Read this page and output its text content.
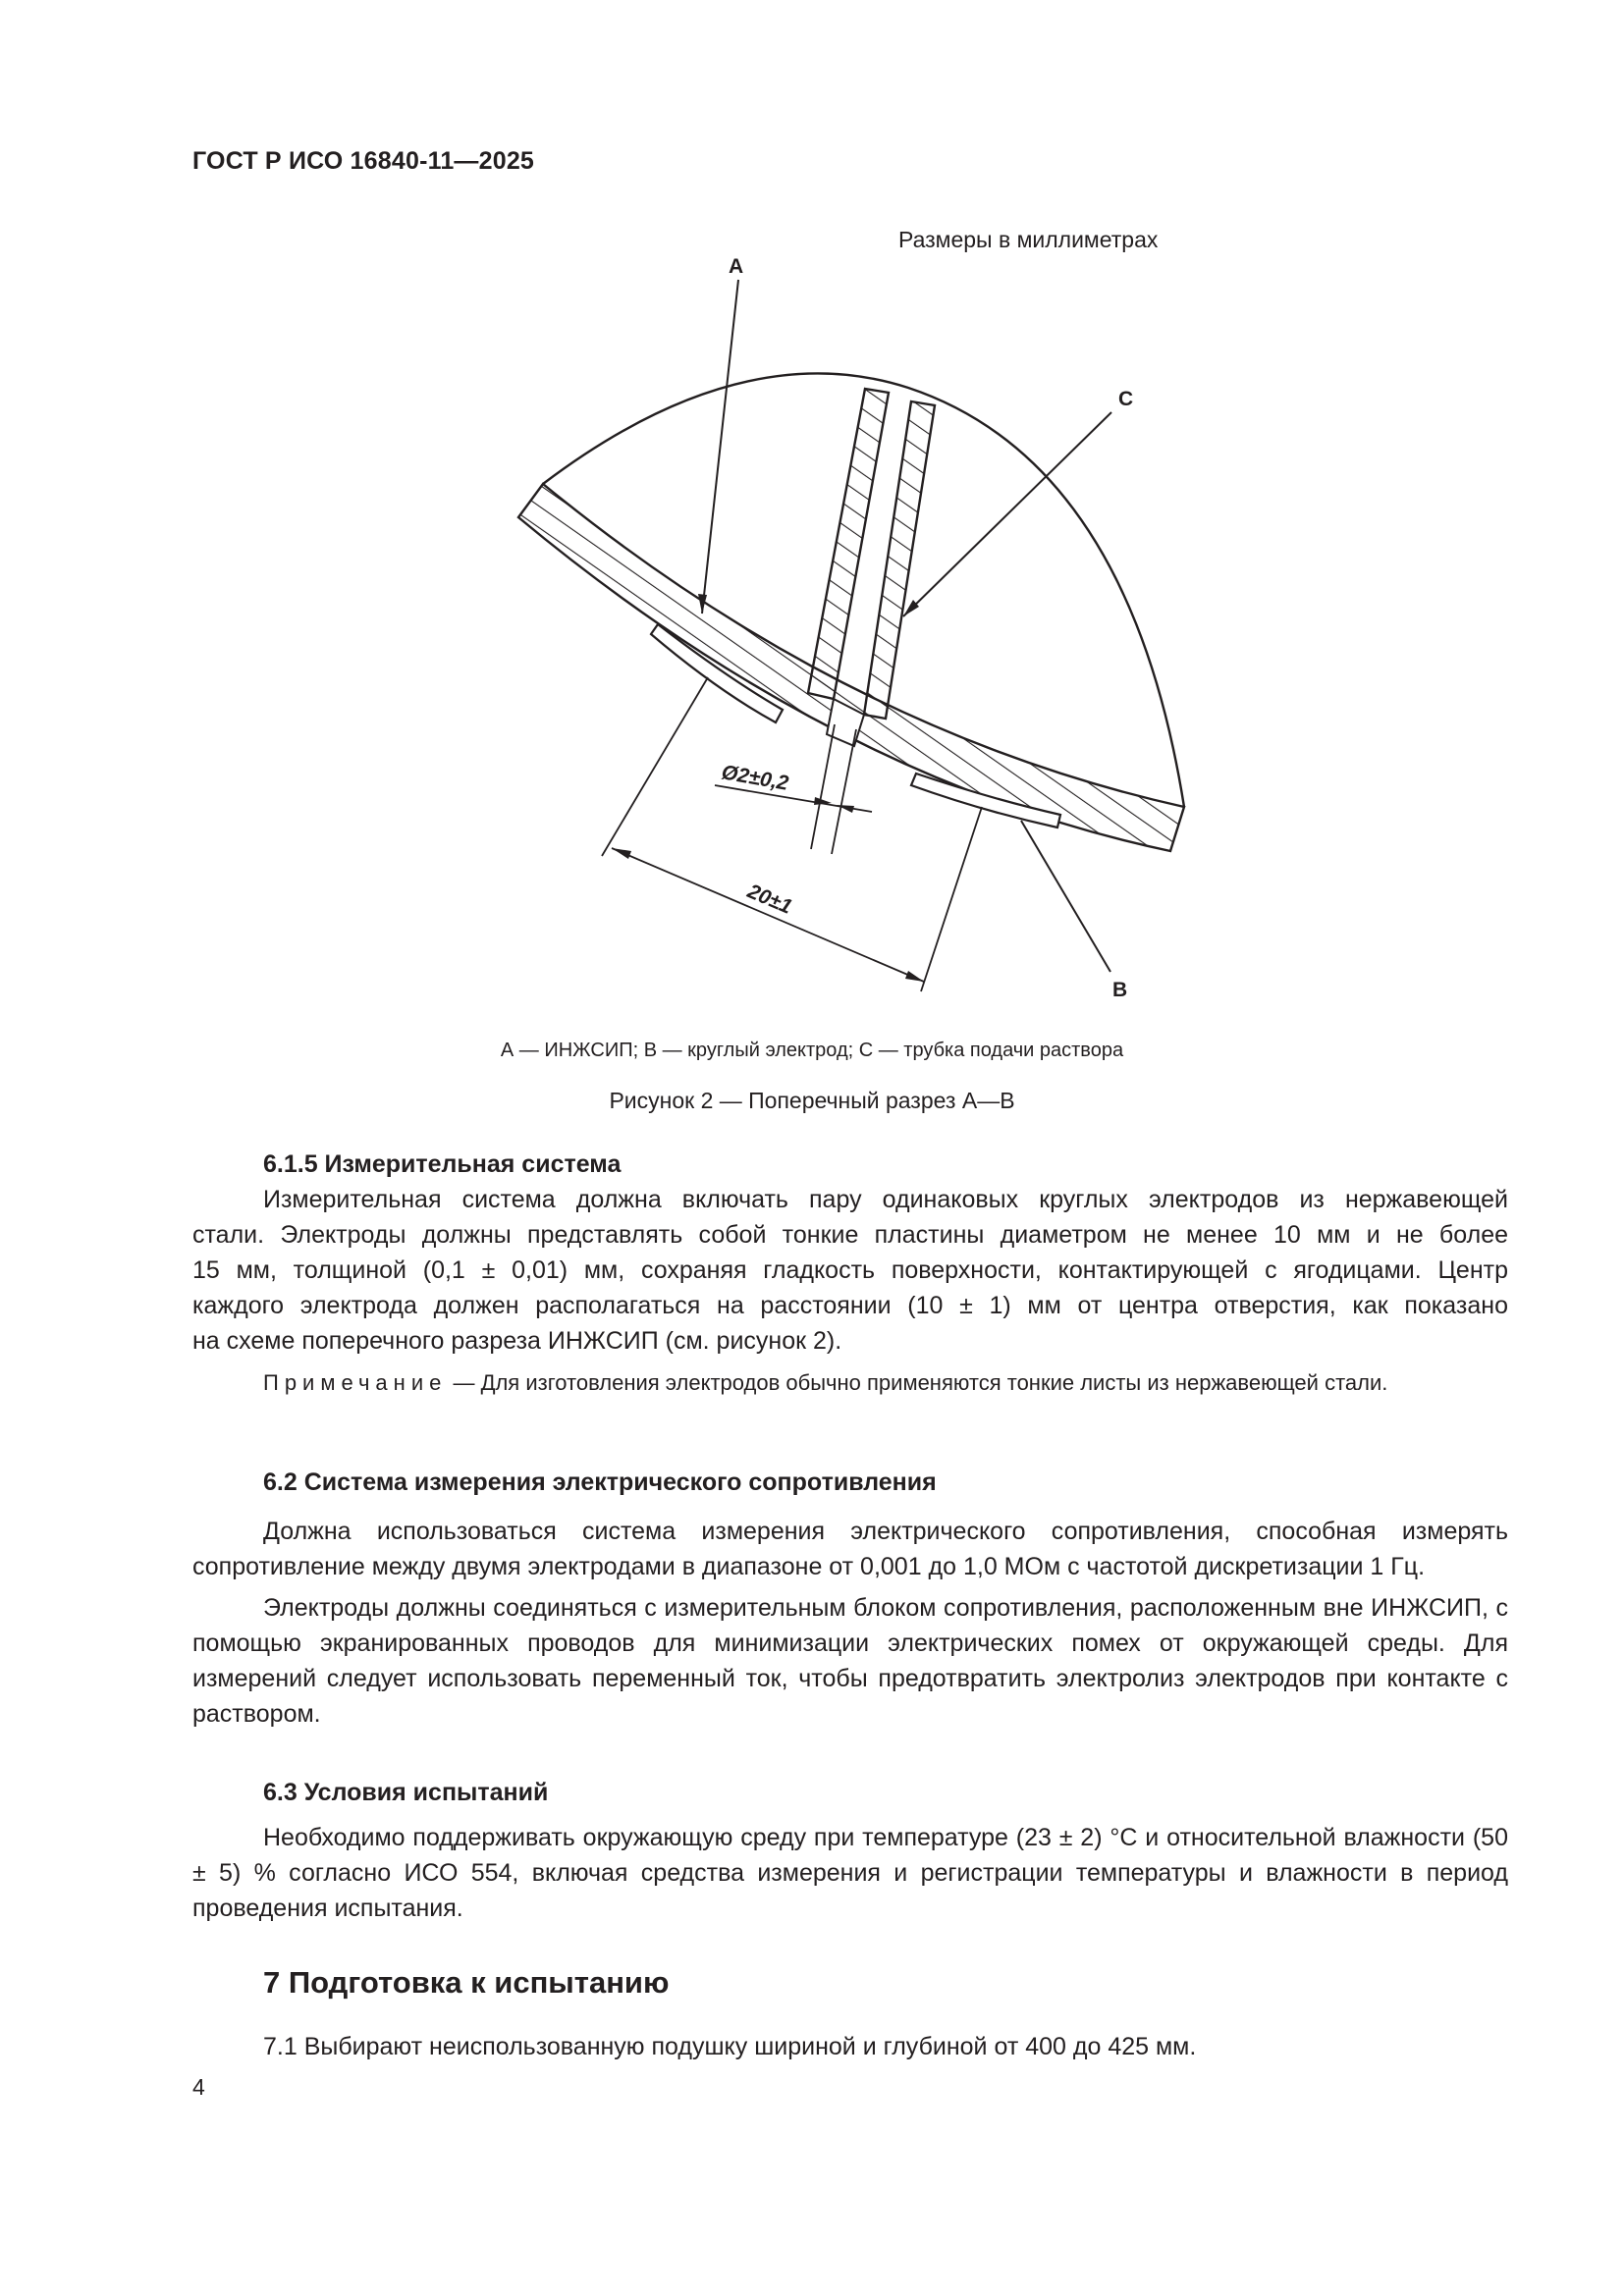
ГОСТ Р ИСО 16840-11—2025
Размеры в миллиметрах
Ø2±0,2
20±1
A
C
B
А — ИНЖСИП; В — круглый электрод; С — трубка подачи раствора
Рисунок 2 — Поперечный разрез А—В
6.1.5 Измерительная система
Измерительная система должна включать пару одинаковых круглых электродов из нержавеющей
стали. Электроды должны представлять собой тонкие пластины диаметром не менее 10 мм и не более
15 мм, толщиной (0,1 ± 0,01) мм, сохраняя гладкость поверхности, контактирующей с ягодицами. Центр
каждого электрода должен располагаться на расстоянии (10 ± 1) мм от центра отверстия, как показано
на схеме поперечного разреза ИНЖСИП (см. рисунок 2).
Примечание — Для изготовления электродов обычно применяются тонкие листы из нержавеющей стали.
6.2 Система измерения электрического сопротивления
Должна использоваться система измерения электрического сопротивления, способная измерять сопротивление между двумя электродами в диапазоне от 0,001 до 1,0 МОм с частотой дискретизации 1 Гц.
Электроды должны соединяться с измерительным блоком сопротивления, расположенным вне ИНЖСИП, с помощью экранированных проводов для минимизации электрических помех от окружающей среды. Для измерений следует использовать переменный ток, чтобы предотвратить электролиз электродов при контакте с раствором.
6.3 Условия испытаний
Необходимо поддерживать окружающую среду при температуре (23 ± 2) °С и относительной влажности (50 ± 5) % согласно ИСО 554, включая средства измерения и регистрации температуры и влажности в период проведения испытания.
7 Подготовка к испытанию
7.1 Выбирают неиспользованную подушку шириной и глубиной от 400 до 425 мм.
4
